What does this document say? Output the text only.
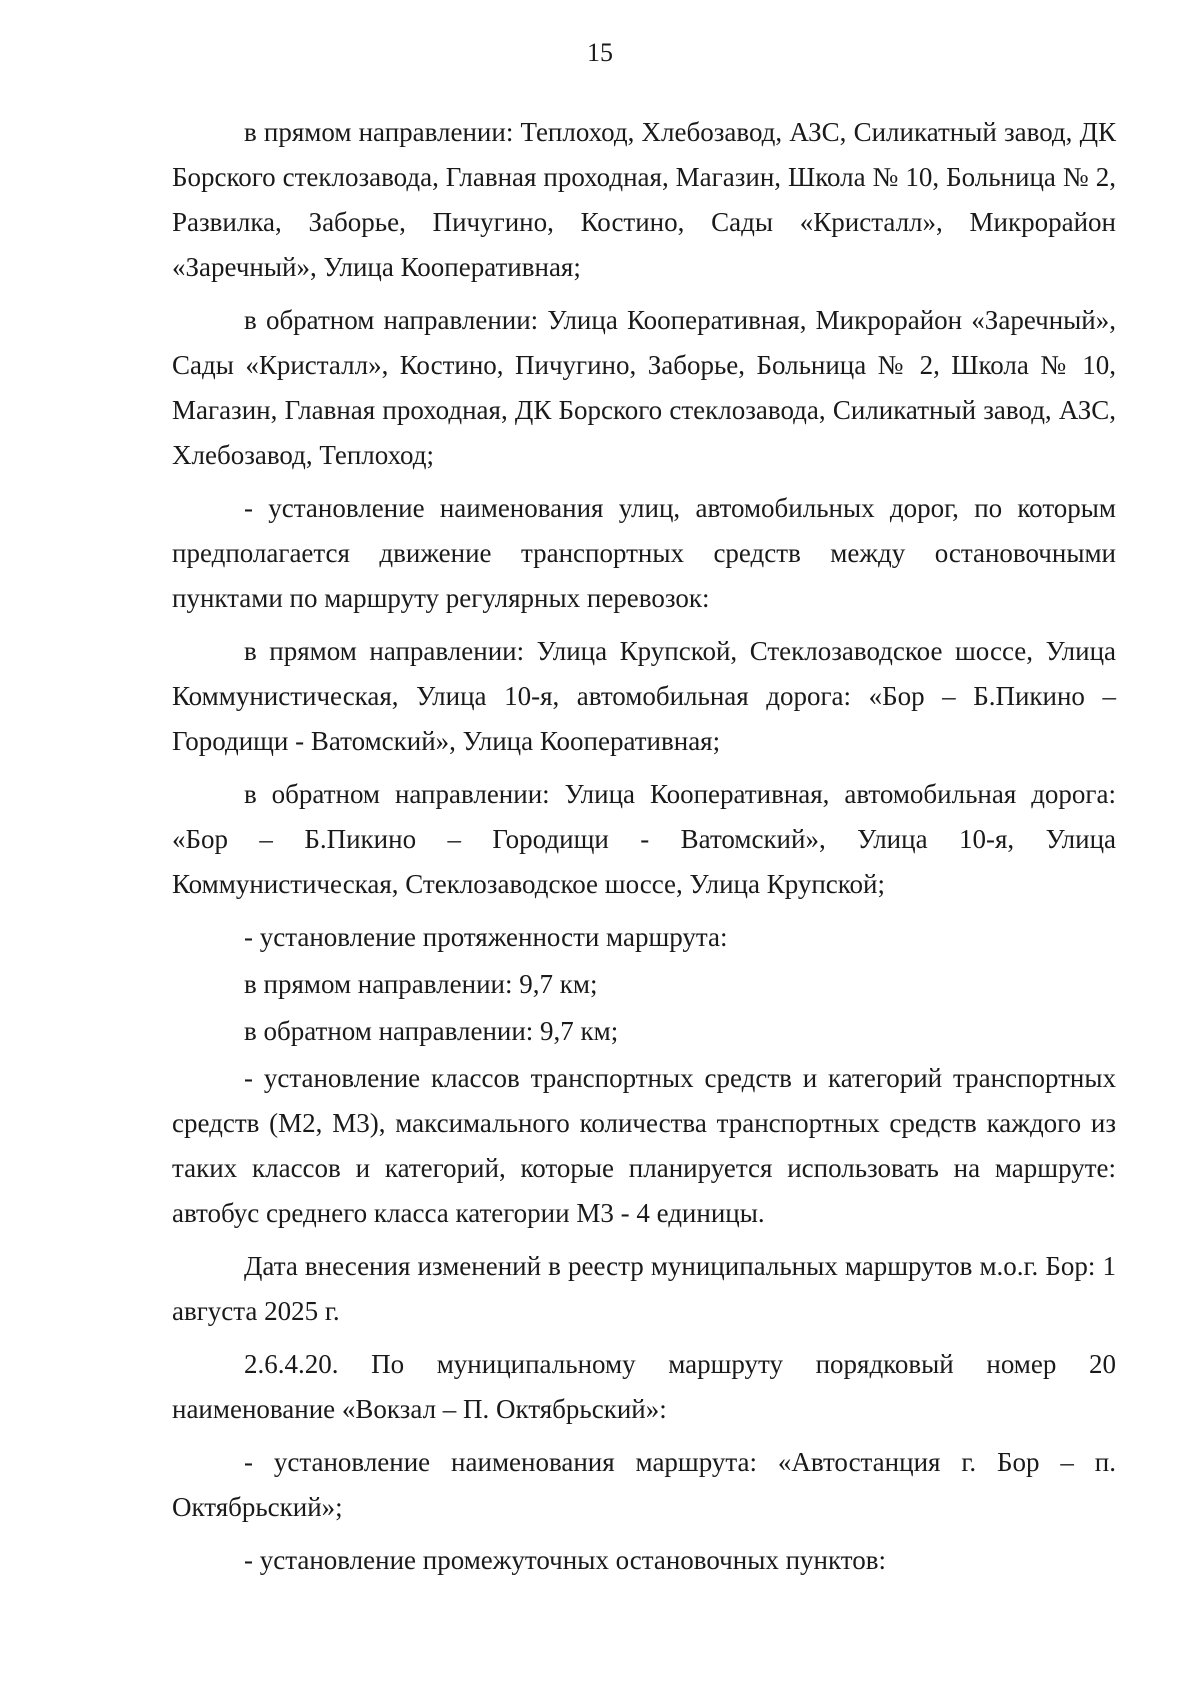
15

в прямом направлении: Теплоход, Хлебозавод, АЗС, Силикатный завод, ДК Борского стеклозавода, Главная проходная, Магазин, Школа № 10, Больница № 2, Развилка, Заборье, Пичугино, Костино, Сады «Кристалл», Микрорайон «Заречный», Улица Кооперативная;

в обратном направлении: Улица Кооперативная, Микрорайон «Заречный», Сады «Кристалл», Костино, Пичугино, Заборье, Больница № 2, Школа № 10, Магазин, Главная проходная, ДК Борского стеклозавода, Силикатный завод, АЗС, Хлебозавод, Теплоход;

- установление наименования улиц, автомобильных дорог, по которым предполагается движение транспортных средств между остановочными пунктами по маршруту регулярных перевозок:

в прямом направлении: Улица Крупской, Стеклозаводское шоссе, Улица Коммунистическая, Улица 10-я, автомобильная дорога: «Бор – Б.Пикино – Городищи - Ватомский», Улица Кооперативная;

в обратном направлении: Улица Кооперативная, автомобильная дорога: «Бор – Б.Пикино – Городищи - Ватомский», Улица 10-я, Улица Коммунистическая, Стеклозаводское шоссе, Улица Крупской;

- установление протяженности маршрута:

в прямом направлении: 9,7 км;

в обратном направлении: 9,7 км;

- установление классов транспортных средств и категорий транспортных средств (М2, М3), максимального количества транспортных средств каждого из таких классов и категорий, которые планируется использовать на маршруте: автобус среднего класса категории М3 - 4 единицы.

Дата внесения изменений в реестр муниципальных маршрутов м.о.г. Бор: 1 августа 2025 г.

2.6.4.20. По муниципальному маршруту порядковый номер 20 наименование «Вокзал – П. Октябрьский»:

- установление наименования маршрута: «Автостанция г. Бор – п. Октябрьский»;

- установление промежуточных остановочных пунктов:
